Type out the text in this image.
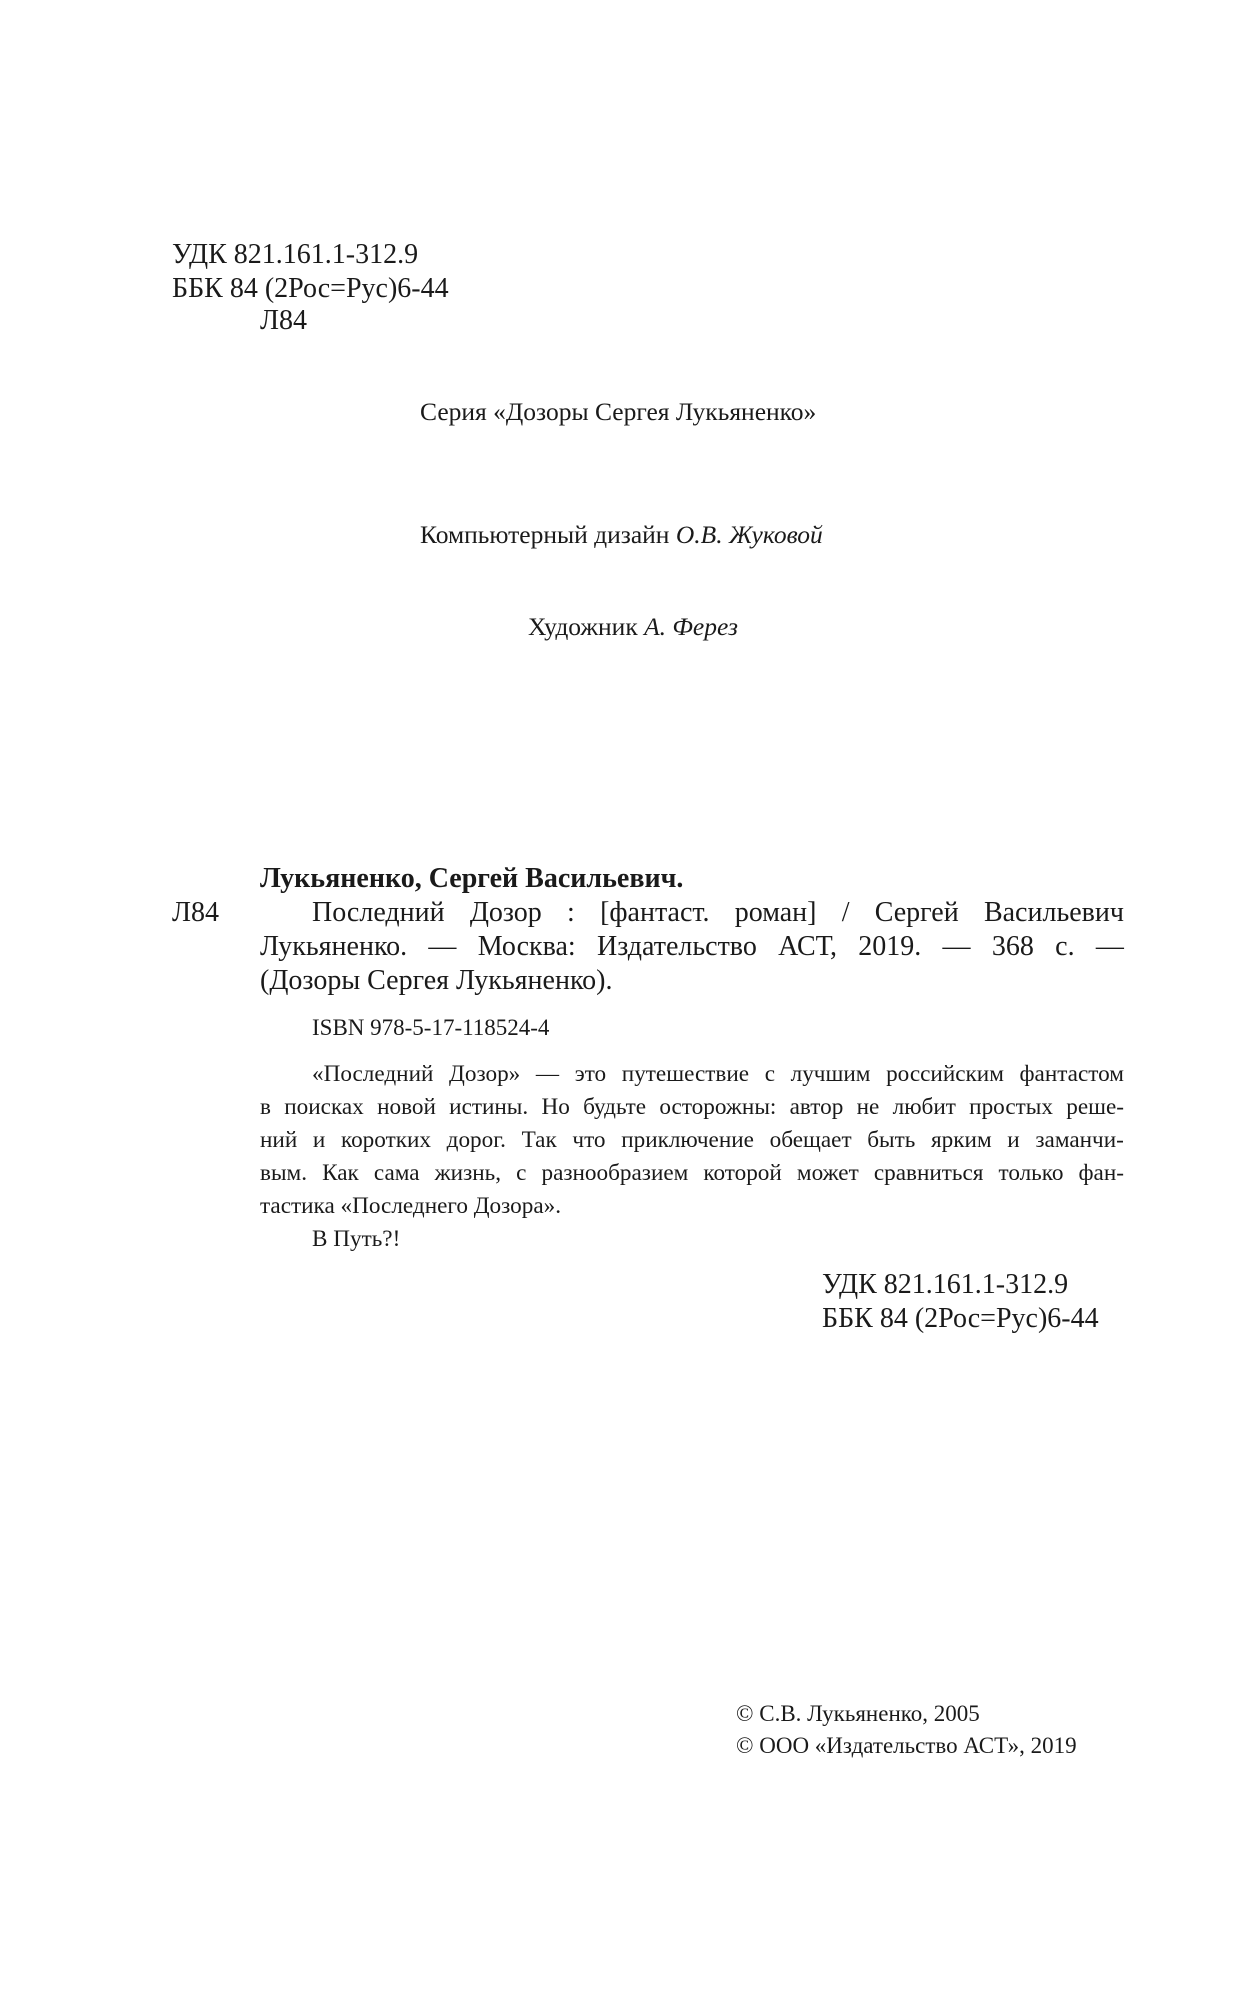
УДК 821.161.1-312.9
ББК 84 (2Рос=Рус)6-44
Л84
Серия «Дозоры Сергея Лукьяненко»
Компьютерный дизайн О.В. Жуковой
Художник А. Ферез
Лукьяненко, Сергей Васильевич.
Л84	Последний Дозор : [фантаст. роман] / Сергей Васильевич
Лукьяненко. — Москва: Издательство АСТ, 2019. — 368 с. —
(Дозоры Сергея Лукьяненко).
ISBN 978-5-17-118524-4
«Последний Дозор» — это путешествие с лучшим российским фантастом
в поисках новой истины. Но будьте осторожны: автор не любит простых реше-
ний и коротких дорог. Так что приключение обещает быть ярким и заманчи-
вым. Как сама жизнь, с разнообразием которой может сравниться только фан-
тастика «Последнего Дозора».
В Путь?!
УДК 821.161.1-312.9
ББК 84 (2Рос=Рус)6-44
© С.В. Лукьяненко, 2005
© ООО «Издательство АСТ», 2019
